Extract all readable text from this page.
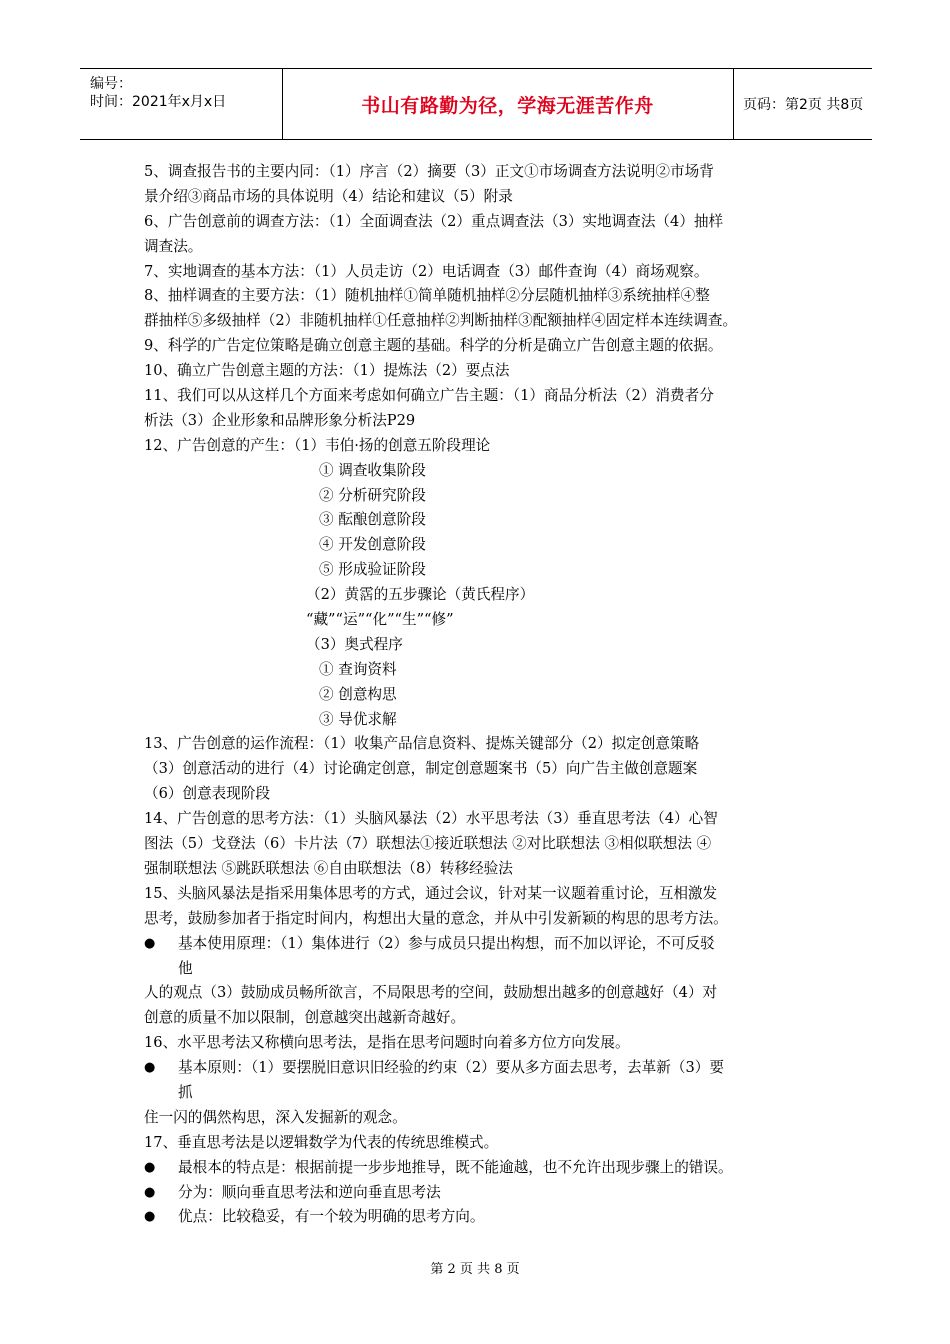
编号：
时间：2021年x月x日	书山有路勤为径，学海无涯苦作舟	页码：第2页 共8页
5、调查报告书的主要内同：（1）序言（2）摘要（3）正文①市场调查方法说明②市场背
景介绍③商品市场的具体说明（4）结论和建议（5）附录
6、广告创意前的调查方法：（1）全面调查法（2）重点调查法（3）实地调查法（4）抽样
调查法。
7、实地调查的基本方法：（1）人员走访（2）电话调查（3）邮件查询（4）商场观察。
8、抽样调查的主要方法：（1）随机抽样①简单随机抽样②分层随机抽样③系统抽样④整
群抽样⑤多级抽样（2）非随机抽样①任意抽样②判断抽样③配额抽样④固定样本连续调查。
9、科学的广告定位策略是确立创意主题的基础。科学的分析是确立广告创意主题的依据。
10、确立广告创意主题的方法：（1）提炼法（2）要点法
11、我们可以从这样几个方面来考虑如何确立广告主题：（1）商品分析法（2）消费者分
析法（3）企业形象和品牌形象分析法P29
12、广告创意的产生：（1）韦伯·扬的创意五阶段理论
① 调查收集阶段
② 分析研究阶段
③ 酝酿创意阶段
④ 开发创意阶段
⑤ 形成验证阶段
（2）黄霑的五步骤论（黄氏程序）
“藏”“运”“化”“生”“修”
（3）奥式程序
① 查询资料
② 创意构思
③ 导优求解
13、广告创意的运作流程：（1）收集产品信息资料、提炼关键部分（2）拟定创意策略
（3）创意活动的进行（4）讨论确定创意，制定创意题案书（5）向广告主做创意题案
（6）创意表现阶段
14、广告创意的思考方法：（1）头脑风暴法（2）水平思考法（3）垂直思考法（4）心智
图法（5）戈登法（6）卡片法（7）联想法①接近联想法 ②对比联想法 ③相似联想法 ④
强制联想法 ⑤跳跃联想法 ⑥自由联想法（8）转移经验法
15、头脑风暴法是指采用集体思考的方式，通过会议，针对某一议题着重讨论，互相激发
思考，鼓励参加者于指定时间内，构想出大量的意念，并从中引发新颖的构思的思考方法。
● 基本使用原理：（1）集体进行（2）参与成员只提出构想，而不加以评论，不可反驳
他
人的观点（3）鼓励成员畅所欲言，不局限思考的空间，鼓励想出越多的创意越好（4）对
创意的质量不加以限制，创意越突出越新奇越好。
16、水平思考法又称横向思考法，是指在思考问题时向着多方位方向发展。
● 基本原则：（1）要摆脱旧意识旧经验的约束（2）要从多方面去思考，去革新（3）要
抓
住一闪的偶然构思，深入发掘新的观念。
17、垂直思考法是以逻辑数学为代表的传统思维模式。
● 最根本的特点是：根据前提一步步地推导，既不能逾越，也不允许出现步骤上的错误。
● 分为：顺向垂直思考法和逆向垂直思考法
● 优点：比较稳妥，有一个较为明确的思考方向。
第 2 页 共 8 页
